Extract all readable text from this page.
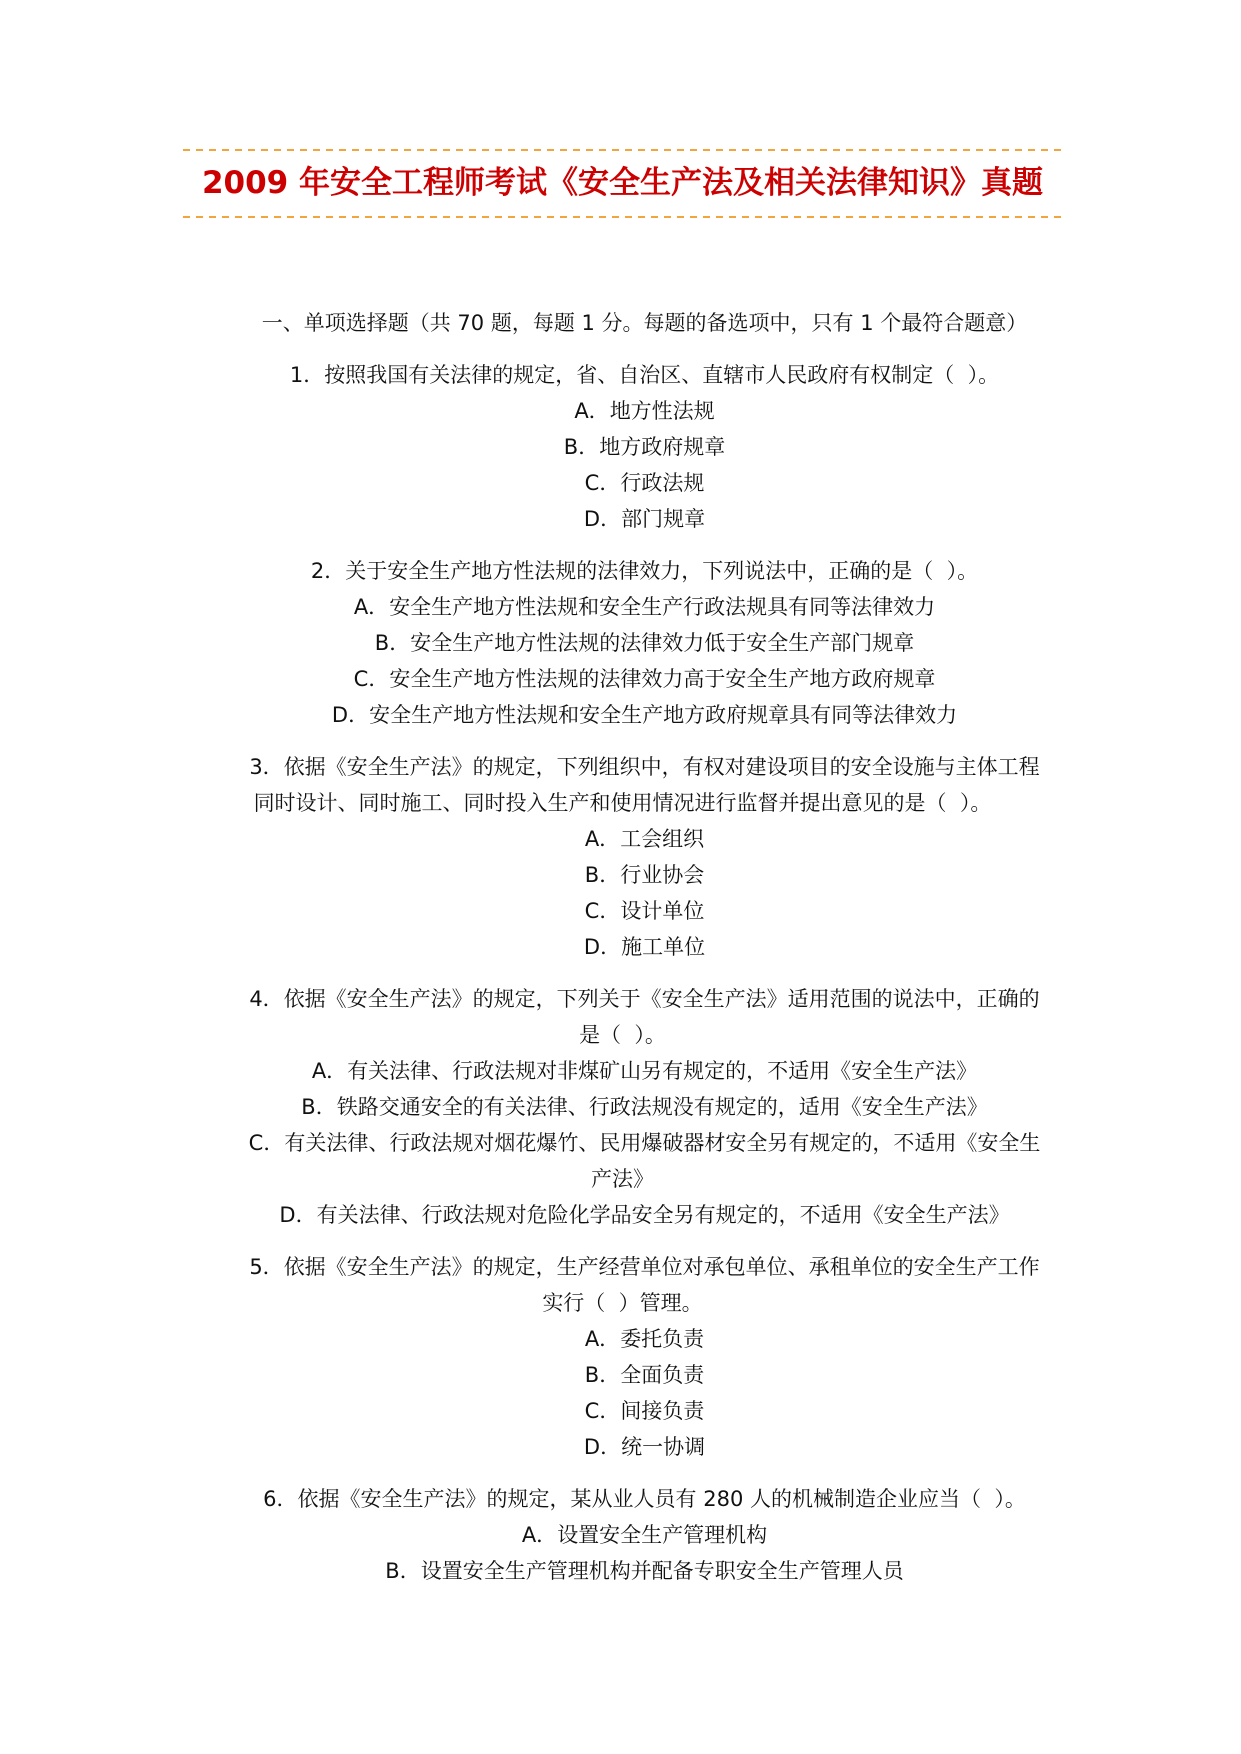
2009 年安全工程师考试《安全生产法及相关法律知识》真题
一、单项选择题（共 70 题，每题 1 分。每题的备选项中，只有 1 个最符合题意）
1．按照我国有关法律的规定，省、自治区、直辖市人民政府有权制定（  ）。
A．地方性法规
B．地方政府规章
C．行政法规
D．部门规章
2．关于安全生产地方性法规的法律效力，下列说法中，正确的是（  ）。
A．安全生产地方性法规和安全生产行政法规具有同等法律效力
B．安全生产地方性法规的法律效力低于安全生产部门规章
C．安全生产地方性法规的法律效力高于安全生产地方政府规章
D．安全生产地方性法规和安全生产地方政府规章具有同等法律效力
3．依据《安全生产法》的规定，下列组织中，有权对建设项目的安全设施与主体工程
同时设计、同时施工、同时投入生产和使用情况进行监督并提出意见的是（  ）。
A．工会组织
B．行业协会
C．设计单位
D．施工单位
4．依据《安全生产法》的规定，下列关于《安全生产法》适用范围的说法中，正确的
是（  ）。
A．有关法律、行政法规对非煤矿山另有规定的，不适用《安全生产法》
B．铁路交通安全的有关法律、行政法规没有规定的，适用《安全生产法》
C．有关法律、行政法规对烟花爆竹、民用爆破器材安全另有规定的，不适用《安全生
产法》
D．有关法律、行政法规对危险化学品安全另有规定的，不适用《安全生产法》
5．依据《安全生产法》的规定，生产经营单位对承包单位、承租单位的安全生产工作
实行（  ）管理。
A．委托负责
B．全面负责
C．间接负责
D．统一协调
6．依据《安全生产法》的规定，某从业人员有 280 人的机械制造企业应当（  ）。
A．设置安全生产管理机构
B．设置安全生产管理机构并配备专职安全生产管理人员
